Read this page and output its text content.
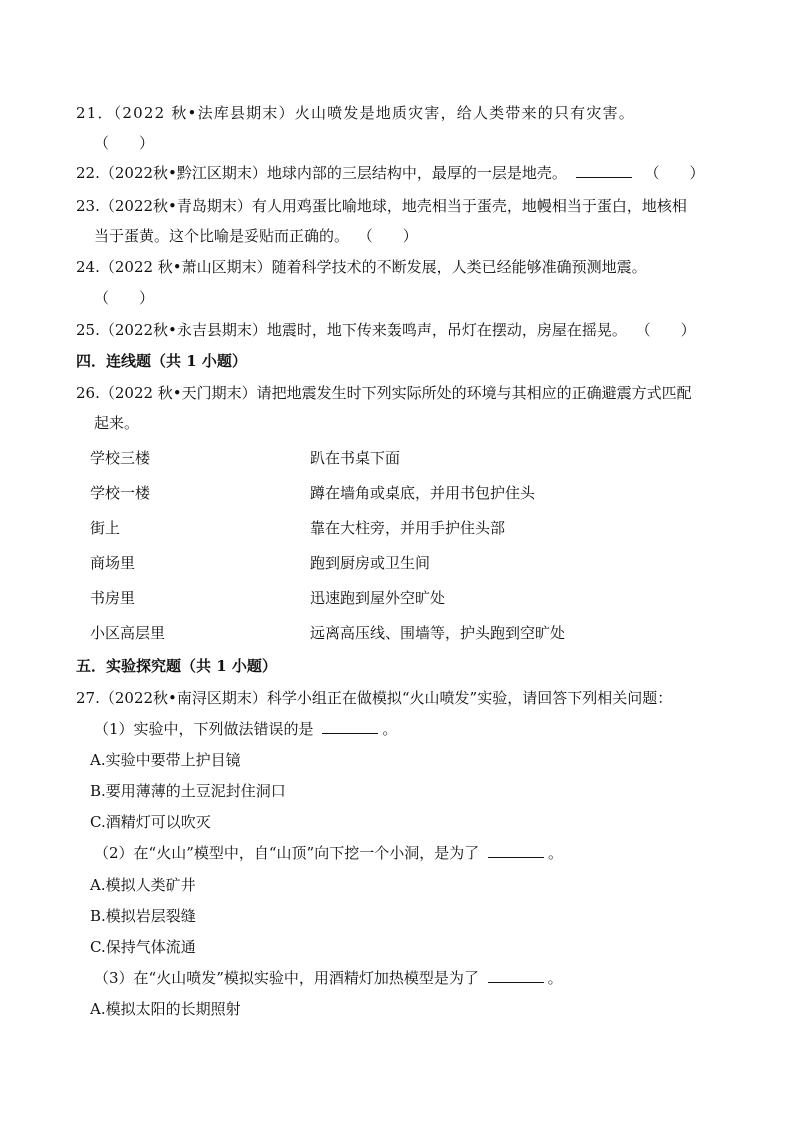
21．（2022 秋•法库县期末）火山喷发是地质灾害，给人类带来的只有灾害。
（　　）
22.（2022秋•黔江区期末）地球内部的三层结构中，最厚的一层是地壳。	（　　）
23.（2022秋•青岛期末）有人用鸡蛋比喻地球，地壳相当于蛋壳，地幔相当于蛋白，地核相
当于蛋黄。这个比喻是妥贴而正确的。 （　　）
24.（2022 秋•萧山区期末）随着科学技术的不断发展，人类已经能够准确预测地震。
（　　）
25.（2022秋•永吉县期末）地震时，地下传来轰鸣声，吊灯在摆动，房屋在摇晃。 （　　）
四．连线题（共 1 小题）
26.（2022 秋•天门期末）请把地震发生时下列实际所处的环境与其相应的正确避震方式匹配
起来。
学校三楼	趴在书桌下面
学校一楼	蹲在墙角或桌底，并用书包护住头
街上	靠在大柱旁，并用手护住头部
商场里	跑到厨房或卫生间
书房里	迅速跑到屋外空旷处
小区高层里	远离高压线、围墙等，护头跑到空旷处
五．实验探究题（共 1 小题）
27.（2022秋•南浔区期末）科学小组正在做模拟“火山喷发”实验，请回答下列相关问题：
（1）实验中，下列做法错误的是	。
A.实验中要带上护目镜
B.要用薄薄的土豆泥封住洞口
C.酒精灯可以吹灭
（2）在“火山”模型中，自“山顶”向下挖一个小洞，是为了	。
A.模拟人类矿井
B.模拟岩层裂缝
C.保持气体流通
（3）在“火山喷发”模拟实验中，用酒精灯加热模型是为了	。
A.模拟太阳的长期照射
